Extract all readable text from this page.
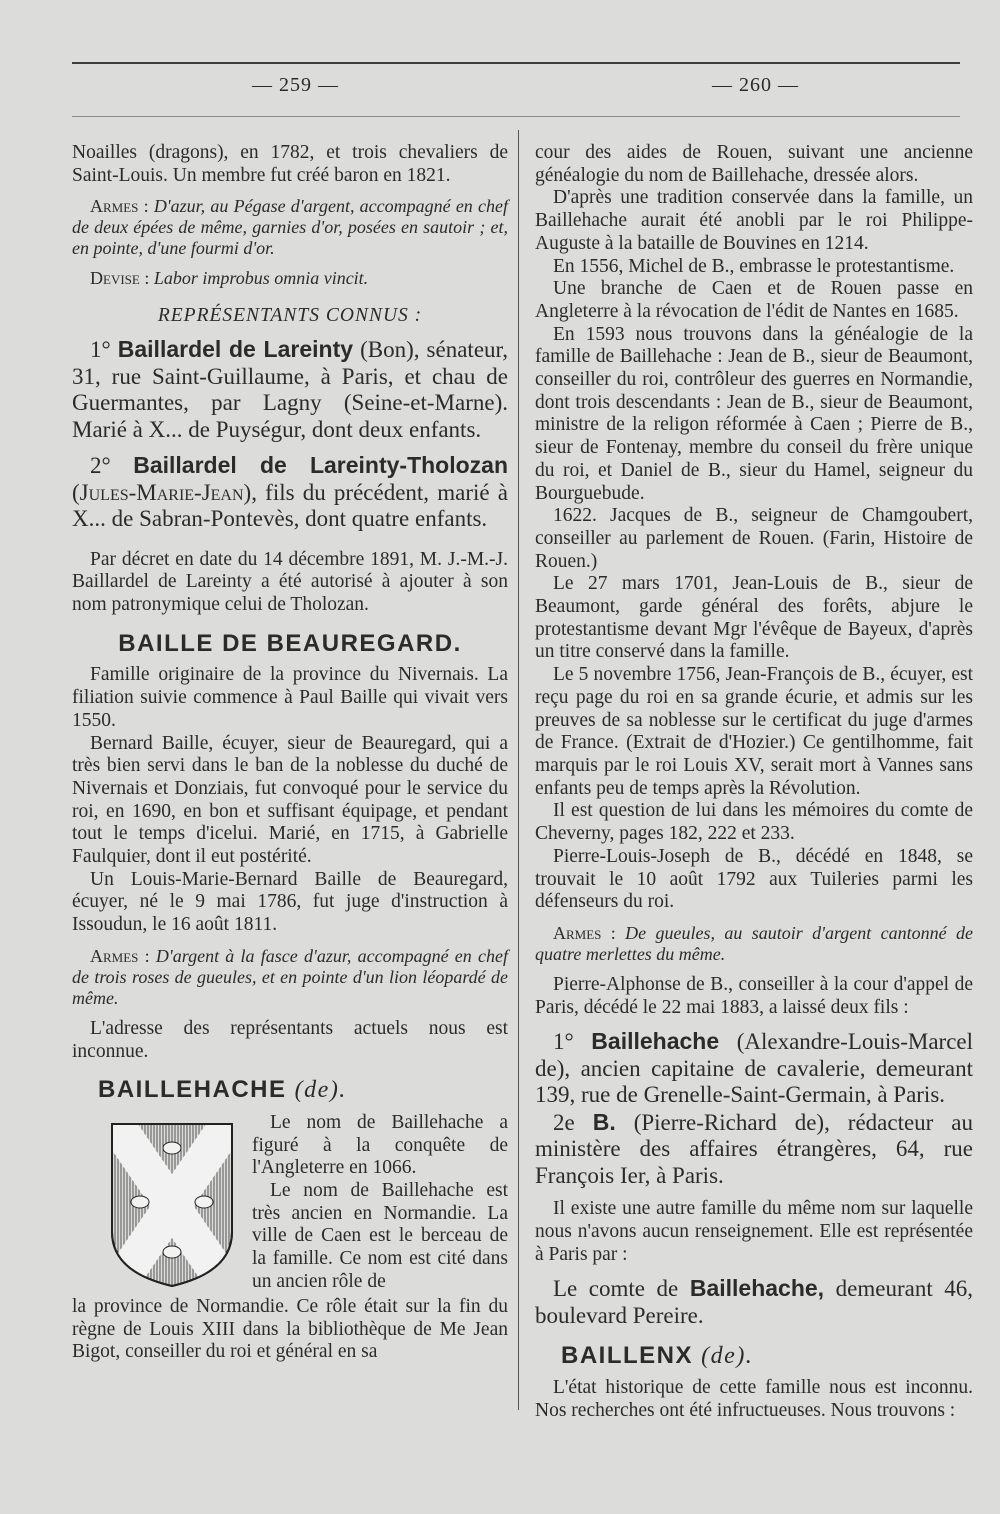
— 259 —	— 260 —

Noailles (dragons), en 1782, et trois chevaliers de Saint-Louis. Un membre fut créé baron en 1821.

Armes : D'azur, au Pégase d'argent, accompagné en chef de deux épées de même, garnies d'or, posées en sautoir ; et, en pointe, d'une fourmi d'or.

Devise : Labor improbus omnia vincit.

REPRÉSENTANTS CONNUS :

1° Baillardel de Lareinty (Bon), sénateur, 31, rue Saint-Guillaume, à Paris, et chau de Guermantes, par Lagny (Seine-et-Marne). Marié à X... de Puységur, dont deux enfants.

2° Baillardel de Lareinty-Tholozan (Jules-Marie-Jean), fils du précédent, marié à X... de Sabran-Pontevès, dont quatre enfants.

Par décret en date du 14 décembre 1891, M. J.-M.-J. Baillardel de Lareinty a été autorisé à ajouter à son nom patronymique celui de Tholozan.

BAILLE DE BEAUREGARD.

Famille originaire de la province du Nivernais. La filiation suivie commence à Paul Baille qui vivait vers 1550.

Bernard Baille, écuyer, sieur de Beauregard, qui a très bien servi dans le ban de la noblesse du duché de Nivernais et Donziais, fut convoqué pour le service du roi, en 1690, en bon et suffisant équipage, et pendant tout le temps d'icelui. Marié, en 1715, à Gabrielle Faulquier, dont il eut postérité.

Un Louis-Marie-Bernard Baille de Beauregard, écuyer, né le 9 mai 1786, fut juge d'instruction à Issoudun, le 16 août 1811.

Armes : D'argent à la fasce d'azur, accompagné en chef de trois roses de gueules, et en pointe d'un lion léopardé de même.

L'adresse des représentants actuels nous est inconnue.

BAILLEHACHE (de).

Le nom de Baillehache a figuré à la conquête de l'Angleterre en 1066.

Le nom de Baillehache est très ancien en Normandie. La ville de Caen est le berceau de la famille. Ce nom est cité dans un ancien rôle de

la province de Normandie. Ce rôle était sur la fin du règne de Louis XIII dans la bibliothèque de Me Jean Bigot, conseiller du roi et général en sa

cour des aides de Rouen, suivant une ancienne généalogie du nom de Baillehache, dressée alors.

D'après une tradition conservée dans la famille, un Baillehache aurait été anobli par le roi Philippe-Auguste à la bataille de Bouvines en 1214.

En 1556, Michel de B., embrasse le protestantisme.

Une branche de Caen et de Rouen passe en Angleterre à la révocation de l'édit de Nantes en 1685.

En 1593 nous trouvons dans la généalogie de la famille de Baillehache : Jean de B., sieur de Beaumont, conseiller du roi, contrôleur des guerres en Normandie, dont trois descendants : Jean de B., sieur de Beaumont, ministre de la religon réformée à Caen ; Pierre de B., sieur de Fontenay, membre du conseil du frère unique du roi, et Daniel de B., sieur du Hamel, seigneur du Bourguebude.

1622. Jacques de B., seigneur de Chamgoubert, conseiller au parlement de Rouen. (Farin, Histoire de Rouen.)

Le 27 mars 1701, Jean-Louis de B., sieur de Beaumont, garde général des forêts, abjure le protestantisme devant Mgr l'évêque de Bayeux, d'après un titre conservé dans la famille.

Le 5 novembre 1756, Jean-François de B., écuyer, est reçu page du roi en sa grande écurie, et admis sur les preuves de sa noblesse sur le certificat du juge d'armes de France. (Extrait de d'Hozier.) Ce gentilhomme, fait marquis par le roi Louis XV, serait mort à Vannes sans enfants peu de temps après la Révolution.

Il est question de lui dans les mémoires du comte de Cheverny, pages 182, 222 et 233.

Pierre-Louis-Joseph de B., décédé en 1848, se trouvait le 10 août 1792 aux Tuileries parmi les défenseurs du roi.

Armes : De gueules, au sautoir d'argent cantonné de quatre merlettes du même.

Pierre-Alphonse de B., conseiller à la cour d'appel de Paris, décédé le 22 mai 1883, a laissé deux fils :

1° Baillehache (Alexandre-Louis-Marcel de), ancien capitaine de cavalerie, demeurant 139, rue de Grenelle-Saint-Germain, à Paris.

2e B. (Pierre-Richard de), rédacteur au ministère des affaires étrangères, 64, rue François Ier, à Paris.

Il existe une autre famille du même nom sur laquelle nous n'avons aucun renseignement. Elle est représentée à Paris par :

Le comte de Baillehache, demeurant 46, boulevard Pereire.

BAILLENX (de).

L'état historique de cette famille nous est inconnu. Nos recherches ont été infructueuses. Nous trouvons :
